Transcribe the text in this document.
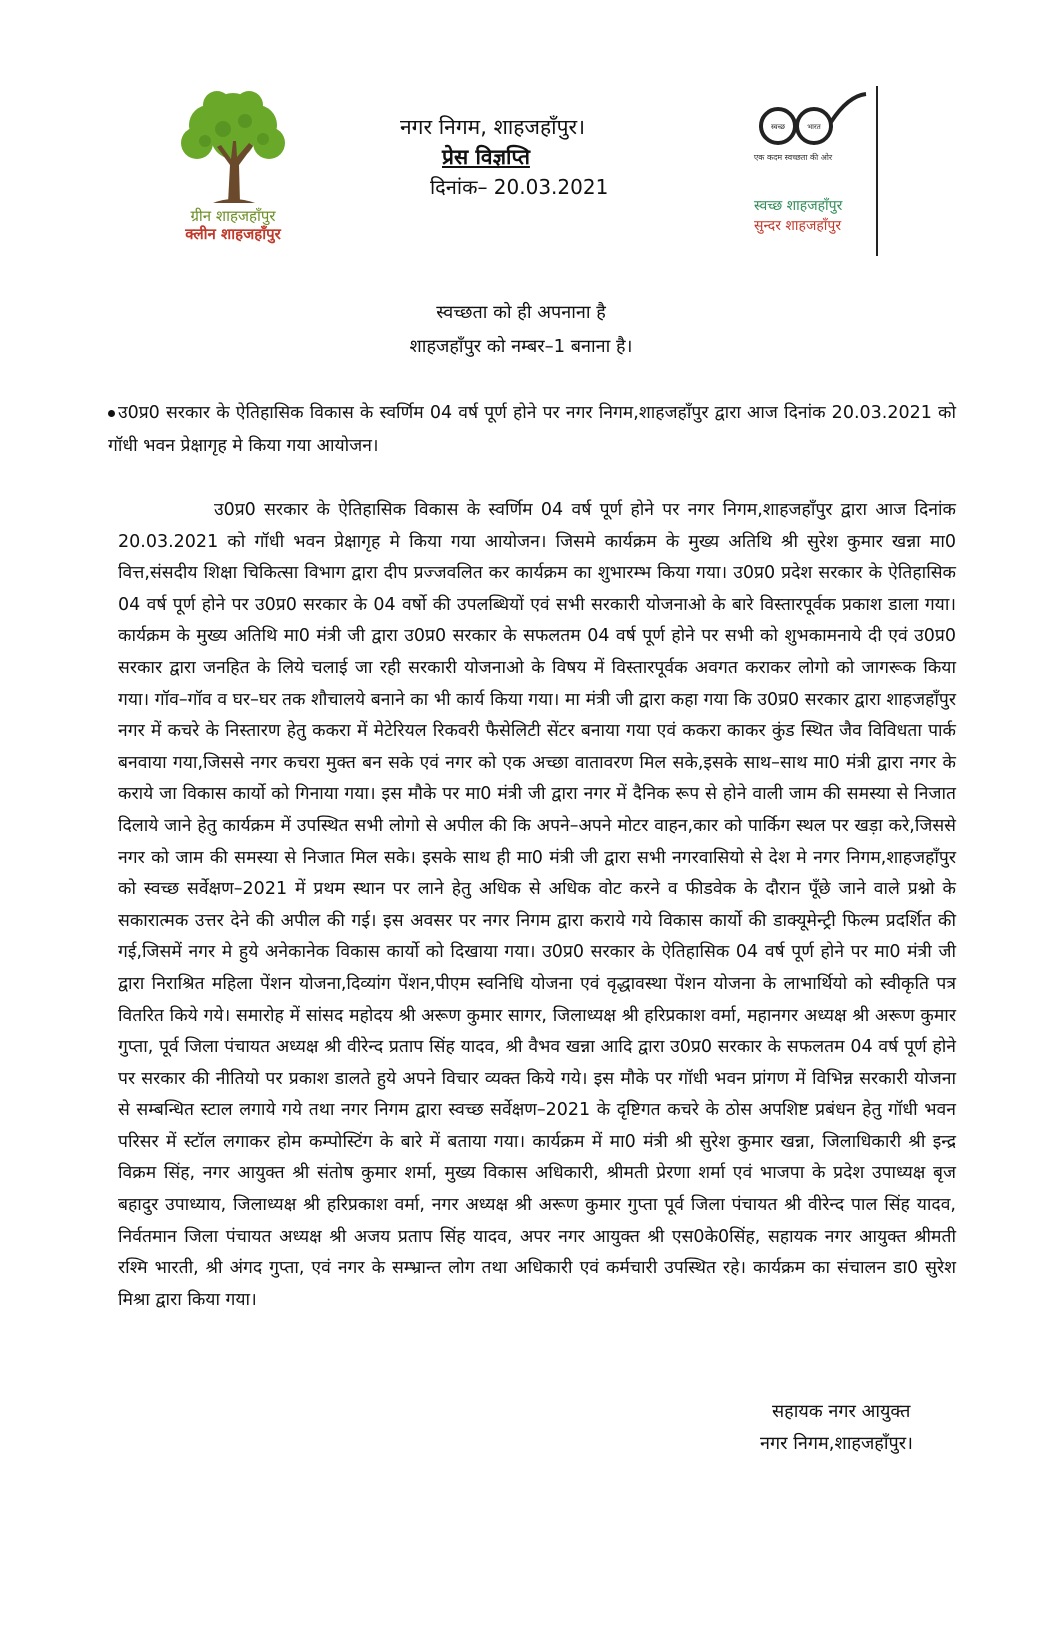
ग्रीन शाहजहाँपुर
क्लीन शाहजहाँपुर
नगर निगम, शाहजहाँपुर।
प्रेस विज्ञप्ति
दिनांक– 20.03.2021
स्वच्छ	भारत
एक कदम स्वच्छता की ओर
स्वच्छ शाहजहाँपुर
सुन्दर शाहजहाँपुर
स्वच्छता को ही अपनाना है
शाहजहाँपुर को नम्बर–1 बनाना है।
उ0प्र0 सरकार के ऐतिहासिक विकास के स्वर्णिम 04 वर्ष पूर्ण होने पर नगर निगम,शाहजहाँपुर द्वारा आज दिनांक 20.03.2021 को गॉधी भवन प्रेक्षागृह मे किया गया आयोजन।
उ0प्र0 सरकार के ऐतिहासिक विकास के स्वर्णिम 04 वर्ष पूर्ण होने पर नगर निगम,शाहजहाँपुर द्वारा आज दिनांक 20.03.2021 को गॉधी भवन प्रेक्षागृह मे किया गया आयोजन। जिसमे कार्यक्रम के मुख्य अतिथि श्री सुरेश कुमार खन्ना मा0 वित्त,संसदीय शिक्षा चिकित्सा विभाग द्वारा दीप प्रज्जवलित कर कार्यक्रम का शुभारम्भ किया गया। उ0प्र0 प्रदेश सरकार के ऐतिहासिक 04 वर्ष पूर्ण होने पर उ0प्र0 सरकार के 04 वर्षो की उपलब्धियों एवं सभी सरकारी योजनाओ के बारे विस्तारपूर्वक प्रकाश डाला गया। कार्यक्रम के मुख्य अतिथि मा0 मंत्री जी द्वारा उ0प्र0 सरकार के सफलतम 04 वर्ष पूर्ण होने पर सभी को शुभकामनाये दी एवं उ0प्र0 सरकार द्वारा जनहित के लिये चलाई जा रही सरकारी योजनाओ के विषय में विस्तारपूर्वक अवगत कराकर लोगो को जागरूक किया गया। गॉव–गॉव व घर–घर तक शौचालये बनाने का भी कार्य किया गया। मा मंत्री जी द्वारा कहा गया कि उ0प्र0 सरकार द्वारा शाहजहाँपुर नगर में कचरे के निस्तारण हेतु ककरा में मेटेरियल रिकवरी फैसेलिटी सेंटर बनाया गया एवं ककरा काकर कुंड स्थित जैव विविधता पार्क बनवाया गया,जिससे नगर कचरा मुक्त बन सके एवं नगर को एक अच्छा वातावरण मिल सके,इसके साथ–साथ मा0 मंत्री द्वारा नगर के कराये जा विकास कार्यो को गिनाया गया। इस मौके पर मा0 मंत्री जी द्वारा नगर में दैनिक रूप से होने वाली जाम की समस्या से निजात दिलाये जाने हेतु कार्यक्रम में उपस्थित सभी लोगो से अपील की कि अपने–अपने मोटर वाहन,कार को पार्किग स्थल पर खड़ा करे,जिससे नगर को जाम की समस्या से निजात मिल सके। इसके साथ ही मा0 मंत्री जी द्वारा सभी नगरवासियो से देश मे नगर निगम,शाहजहाँपुर को स्वच्छ सर्वेक्षण–2021 में प्रथम स्थान पर लाने हेतु अधिक से अधिक वोट करने व फीडवेक के दौरान पूँछे जाने वाले प्रश्नो के सकारात्मक उत्तर देने की अपील की गई। इस अवसर पर नगर निगम द्वारा कराये गये विकास कार्यो की डाक्यूमेन्ट्री फिल्म प्रदर्शित की गई,जिसमें नगर मे हुये अनेकानेक विकास कार्यो को दिखाया गया। उ0प्र0 सरकार के ऐतिहासिक 04 वर्ष पूर्ण होने पर मा0 मंत्री जी द्वारा निराश्रित महिला पेंशन योजना,दिव्यांग पेंशन,पीएम स्वनिधि योजना एवं वृद्धावस्था पेंशन योजना के लाभार्थियो को स्वीकृति पत्र वितरित किये गये। समारोह में सांसद महोदय श्री अरूण कुमार सागर, जिलाध्यक्ष श्री हरिप्रकाश वर्मा, महानगर अध्यक्ष श्री अरूण कुमार गुप्ता, पूर्व जिला पंचायत अध्यक्ष श्री वीरेन्द प्रताप सिंह यादव, श्री वैभव खन्ना आदि द्वारा उ0प्र0 सरकार के सफलतम 04 वर्ष पूर्ण होने पर सरकार की नीतियो पर प्रकाश डालते हुये अपने विचार व्यक्त किये गये। इस मौके पर गॉधी भवन प्रांगण में विभिन्न सरकारी योजना से सम्बन्धित स्टाल लगाये गये तथा नगर निगम द्वारा स्वच्छ सर्वेक्षण–2021 के दृष्टिगत कचरे के ठोस अपशिष्ट प्रबंधन हेतु गॉधी भवन परिसर में स्टॉल लगाकर होम कम्पोस्टिंग के बारे में बताया गया। कार्यक्रम में मा0 मंत्री श्री सुरेश कुमार खन्ना, जिलाधिकारी श्री इन्द्र विक्रम सिंह, नगर आयुक्त श्री संतोष कुमार शर्मा, मुख्य विकास अधिकारी, श्रीमती प्रेरणा शर्मा एवं भाजपा के प्रदेश उपाध्यक्ष बृज बहादुर उपाध्याय, जिलाध्यक्ष श्री हरिप्रकाश वर्मा, नगर अध्यक्ष श्री अरूण कुमार गुप्ता पूर्व जिला पंचायत श्री वीरेन्द पाल सिंह यादव, निर्वतमान जिला पंचायत अध्यक्ष श्री अजय प्रताप सिंह यादव, अपर नगर आयुक्त श्री एस0के0सिंह, सहायक नगर आयुक्त श्रीमती रश्मि भारती, श्री अंगद गुप्ता, एवं नगर के सम्भ्रान्त लोग तथा अधिकारी एवं कर्मचारी उपस्थित रहे। कार्यक्रम का संचालन डा0 सुरेश मिश्रा द्वारा किया गया।
सहायक नगर आयुक्त
नगर निगम,शाहजहाँपुर।
